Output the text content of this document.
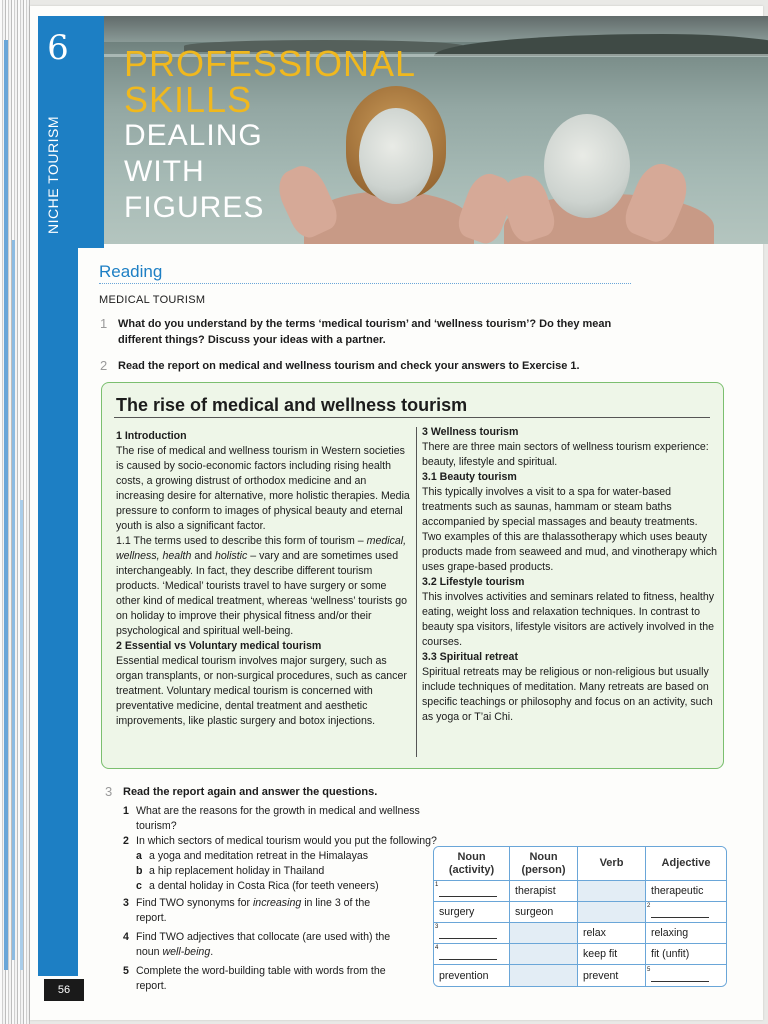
6
NICHE TOURISM
56
PROFESSIONAL
SKILLS
DEALING
WITH
FIGURES
Reading
MEDICAL TOURISM
1 What do you understand by the terms ‘medical tourism’ and ‘wellness tourism’? Do they mean different things? Discuss your ideas with a partner.
2 Read the report on medical and wellness tourism and check your answers to Exercise 1.
The rise of medical and wellness tourism

1 Introduction

The rise of medical and wellness tourism in Western societies is caused by socio-economic factors including rising health costs, a growing distrust of orthodox medicine and an increasing desire for alternative, more holistic therapies. Media pressure to conform to images of physical beauty and eternal youth is also a significant factor.

1.1 The terms used to describe this form of tourism – medical, wellness, health and holistic – vary and are sometimes used interchangeably. In fact, they describe different tourism products. ‘Medical’ tourists travel to have surgery or some other kind of medical treatment, whereas ‘wellness’ tourists go on holiday to improve their physical fitness and/or their psychological and spiritual well-being.

2 Essential vs Voluntary medical tourism

Essential medical tourism involves major surgery, such as organ transplants, or non-surgical procedures, such as cancer treatment. Voluntary medical tourism is concerned with preventative medicine, dental treatment and aesthetic improvements, like plastic surgery and botox injections.

3 Wellness tourism

There are three main sectors of wellness tourism experience: beauty, lifestyle and spiritual.

3.1 Beauty tourism

This typically involves a visit to a spa for water-based treatments such as saunas, hammam or steam baths accompanied by special massages and beauty treatments. Two examples of this are thalassotherapy which uses beauty products made from seaweed and mud, and vinotherapy which uses grape-based products.

3.2 Lifestyle tourism

This involves activities and seminars related to fitness, healthy eating, weight loss and relaxation techniques. In contrast to beauty spa visitors, lifestyle visitors are actively involved in the courses.

3.3 Spiritual retreat

Spiritual retreats may be religious or non-religious but usually include techniques of meditation. Many retreats are based on specific teachings or philosophy and focus on an activity, such as yoga or T’ai Chi.

3 Read the report again and answer the questions.
1 What are the reasons for the growth in medical and wellness tourism?
2 In which sectors of medical tourism would you put the following?
a a yoga and meditation retreat in the Himalayas
b a hip replacement holiday in Thailand
c a dental holiday in Costa Rica (for teeth veneers)
3 Find TWO synonyms for increasing in line 3 of the report.
4 Find TWO adjectives that collocate (are used with) the noun well-being.
5 Complete the word-building table with words from the report.
Noun (activity)	Noun (person)	Verb	Adjective

1	therapist		therapeutic
surgery	surgeon		2

3		relax	relaxing

4		keep fit	fit (unfit)
prevention		prevent	5
